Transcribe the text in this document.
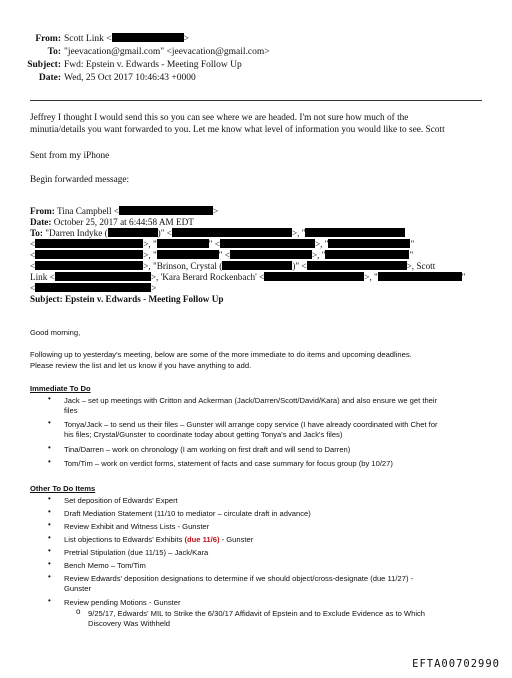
From: Scott Link <	>
To: "jeevacation@gmail.com" <jeevacation@gmail.com>
Subject: Fwd: Epstein v. Edwards - Meeting Follow Up
Date: Wed, 25 Oct 2017 10:46:43 +0000
Jeffrey I thought I would send this so you can see where we are headed. I'm not sure how much of the
minutia/details you want forwarded to you. Let me know what level of information you would like to see. Scott
Sent from my iPhone
Begin forwarded message:
From: Tina Campbell <	>
Date: October 25, 2017 at 6:44:58 AM EDT
To: "Darren Indyke (	)" <	>, "
<	>, "	" <	>, "	"
<	>, "	" <	>, "	"
<	>, "Brinson, Crystal (	)" <	>, Scott
Link <	>, 'Kara Berard Rockenbach' <	>, "	"
<	>
Subject: Epstein v. Edwards - Meeting Follow Up
Good morning,
Following up to yesterday's meeting, below are some of the more immediate to do items and upcoming deadlines.
Please review the list and let us know if you have anything to add.
Immediate To Do
• Jack – set up meetings with Critton and Ackerman (Jack/Darren/Scott/David/Kara) and also ensure we get their
files
• Tonya/Jack – to send us their files – Gunster will arrange copy service (I have already coordinated with Chet for
his files; Crystal/Gunster to coordinate today about getting Tonya's and Jack's files)
• Tina/Darren – work on chronology (I am working on first draft and will send to Darren)
• Tom/Tim – work on verdict forms, statement of facts and case summary for focus group (by 10/27)
Other To Do Items
• Set deposition of Edwards' Expert
• Draft Mediation Statement (11/10 to mediator – circulate draft in advance)
• Review Exhibit and Witness Lists - Gunster
• List objections to Edwards' Exhibits (due 11/6) - Gunster
• Pretrial Stipulation (due 11/15) – Jack/Kara
• Bench Memo – Tom/Tim
• Review Edwards' deposition designations to determine if we should object/cross-designate (due 11/27) -
Gunster
• Review pending Motions - Gunster
o 9/25/17, Edwards' MIL to Strike the 6/30/17 Affidavit of Epstein and to Exclude Evidence as to Which
Discovery Was Withheld
EFTA00702990
